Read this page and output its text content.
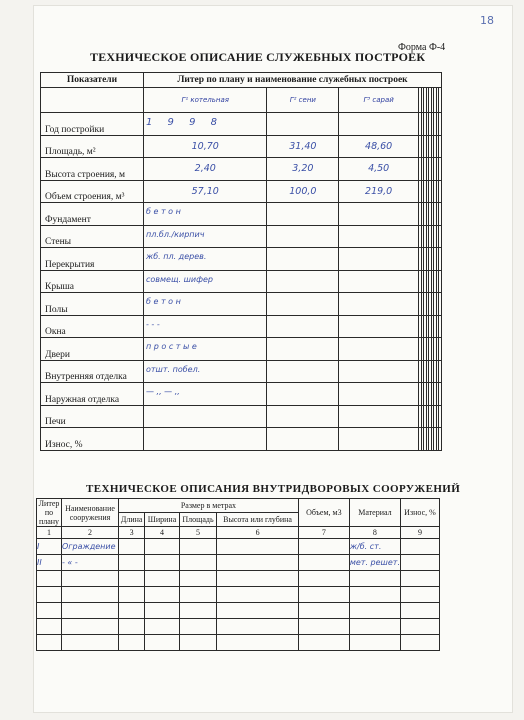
18
Форма Ф-4
ТЕХНИЧЕСКОЕ ОПИСАНИЕ СЛУЖЕБНЫХ ПОСТРОЕК
Показатели	Литер по плану и наименование служебных построек											
	Г¹ котельная	Г² сени	Г³ сарай									
Год постройки	1 9 9 8											

Площадь, м²	10,70	31,40	48,60									
Высота строения, м	2,40	3,20	4,50									
Объем строения, м³	57,10	100,0	219,0									
Фундамент	б е т о н											

Стены	пл.бл./кирпич											

Перекрытия	жб. пл. дерев.											

Крыша	совмещ. шифер											

Полы	б е т о н											

Окна	- - -											

Двери	п р о с т ы е											

Внутренняя отделка	отшт. побел.											

Наружная отделка	— ,, — ,,											

Печи	

Износ, %	

ТЕХНИЧЕСКОЕ ОПИСАНИЯ ВНУТРИДВОРОВЫХ СООРУЖЕНИЙ
Литер по плану	Наименование сооружения	Размер в метрах				Объем, м3	Материал	Износ, %
		Длина	Ширина	Площадь	Высота или глубина			
1	2	3	4	5	6	7	8	9
I	Ограждение						ж/б. ст.	
II	- « -						мет. решет.	
